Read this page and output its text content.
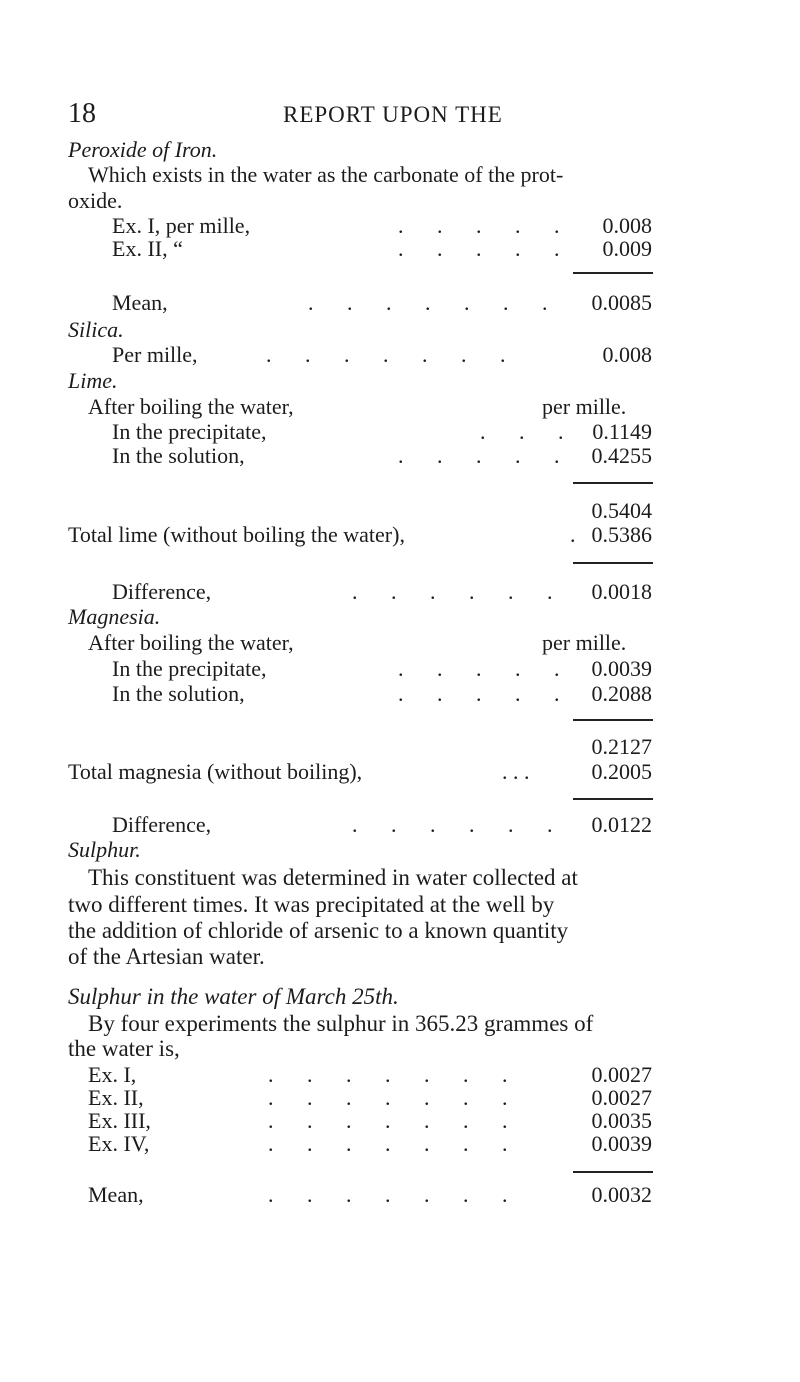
18	REPORT UPON THE
Peroxide of Iron.
Which exists in the water as the carbonate of the prot-
oxide.
Ex. I, per mille,	. . . . .	0.008
Ex. II, “	. . . . .	0.009
Mean,	. . . . . . .	0.0085
Silica.
Per mille,	. . . . . . .	0.008
Lime.
After boiling the water,	per mille.
In the precipitate,	. . . 0.1149
In the solution,	. . . . . 0.4255
0.5404
Total lime (without boiling the water),	. 0.5386
Difference,	. . . . . .	0.0018
Magnesia.
After boiling the water,	per mille.
In the precipitate,	. . . . . 0.0039
In the solution,	. . . . . 0.2088
0.2127
Total magnesia (without boiling),	. . .	0.2005
Difference,	. . . . . .	0.0122
Sulphur.
This constituent was determined in water collected at
two different times. It was precipitated at the well by
the addition of chloride of arsenic to a known quantity
of the Artesian water.
Sulphur in the water of March 25th.
By four experiments the sulphur in 365.23 grammes of
the water is,
Ex. I,	. . . . . . .	0.0027
Ex. II,	. . . . . . .	0.0027
Ex. III,	. . . . . . .	0.0035
Ex. IV,	. . . . . . .	0.0039
Mean,	. . . . . . .	0.0032
